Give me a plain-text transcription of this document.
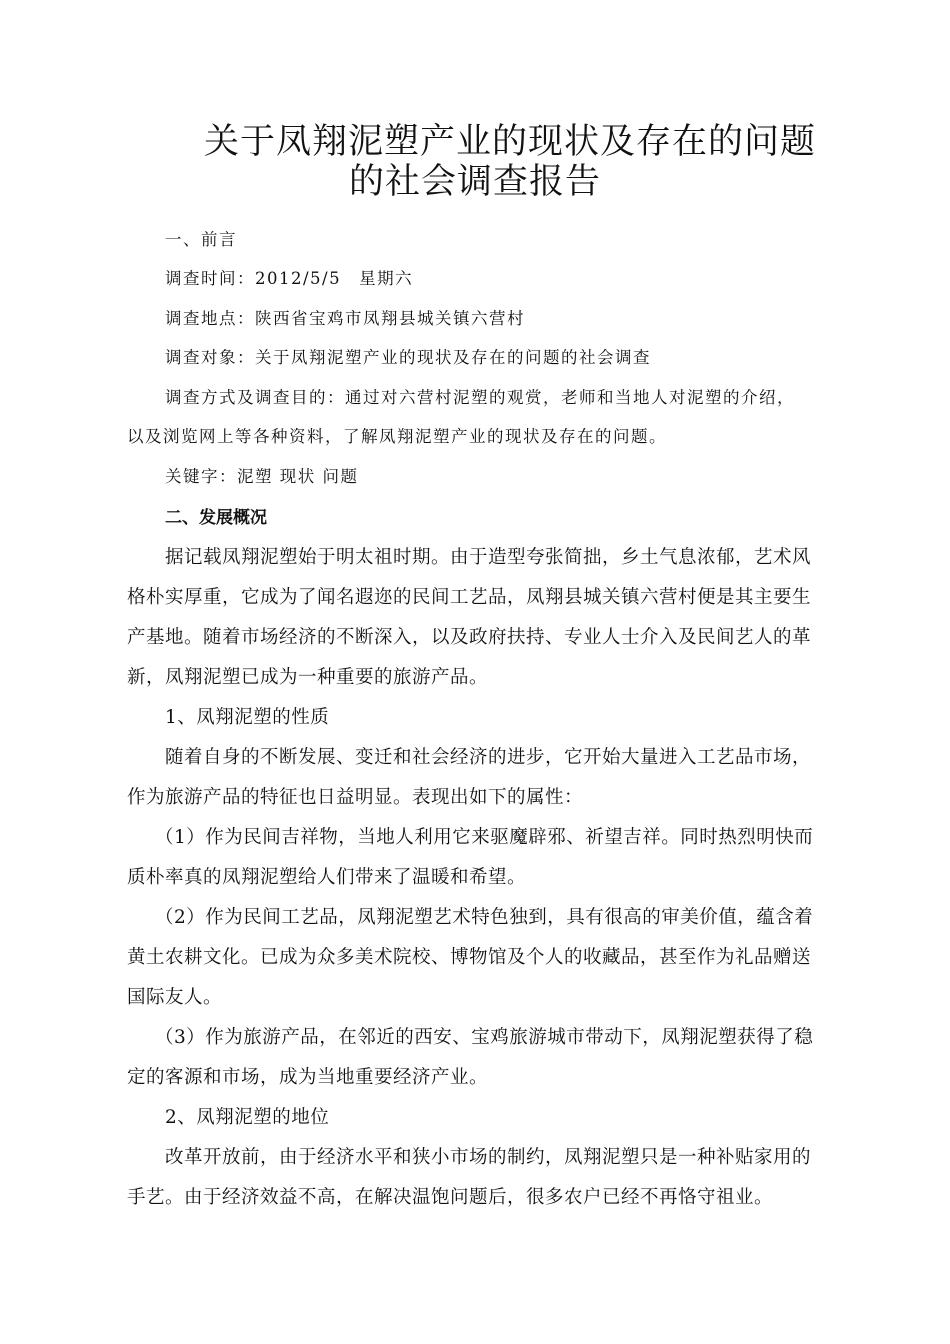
关于凤翔泥塑产业的现状及存在的问题
的社会调查报告
一、前言
调查时间：2012/5/5　星期六
调查地点：陕西省宝鸡市凤翔县城关镇六营村
调查对象：关于凤翔泥塑产业的现状及存在的问题的社会调查
调查方式及调查目的：通过对六营村泥塑的观赏，老师和当地人对泥塑的介绍，
以及浏览网上等各种资料，了解凤翔泥塑产业的现状及存在的问题。
关键字：泥塑 现状 问题
二、发展概况
据记载凤翔泥塑始于明太祖时期。由于造型夸张简拙，乡土气息浓郁，艺术风
格朴实厚重，它成为了闻名遐迩的民间工艺品，凤翔县城关镇六营村便是其主要生
产基地。随着市场经济的不断深入，以及政府扶持、专业人士介入及民间艺人的革
新，凤翔泥塑已成为一种重要的旅游产品。
1、凤翔泥塑的性质
随着自身的不断发展、变迁和社会经济的进步，它开始大量进入工艺品市场，
作为旅游产品的特征也日益明显。表现出如下的属性：
（1）作为民间吉祥物，当地人利用它来驱魔辟邪、祈望吉祥。同时热烈明快而
质朴率真的凤翔泥塑给人们带来了温暖和希望。
（2）作为民间工艺品，凤翔泥塑艺术特色独到，具有很高的审美价值，蕴含着
黄土农耕文化。已成为众多美术院校、博物馆及个人的收藏品，甚至作为礼品赠送
国际友人。
（3）作为旅游产品，在邻近的西安、宝鸡旅游城市带动下，凤翔泥塑获得了稳
定的客源和市场，成为当地重要经济产业。
2、凤翔泥塑的地位
改革开放前，由于经济水平和狭小市场的制约，凤翔泥塑只是一种补贴家用的
手艺。由于经济效益不高，在解决温饱问题后，很多农户已经不再恪守祖业。
